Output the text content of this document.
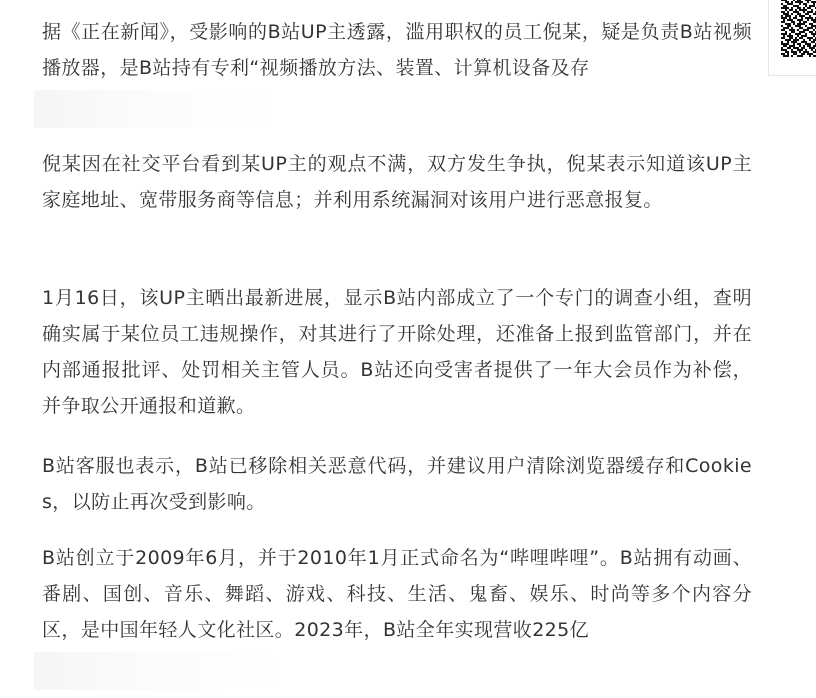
据《正在新闻》，受影响的B站UP主透露，滥用职权的员工倪某，疑是负责B站视频播放器，是B站持有专利“视频播放方法、装置、计算机设备及存

倪某因在社交平台看到某UP主的观点不满，双方发生争执，倪某表示知道该UP主家庭地址、宽带服务商等信息；并利用系统漏洞对该用户进行恶意报复。

1月16日，该UP主晒出最新进展，显示B站内部成立了一个专门的调查小组，查明确实属于某位员工违规操作，对其进行了开除处理，还准备上报到监管部门，并在内部通报批评、处罚相关主管人员。B站还向受害者提供了一年大会员作为补偿，并争取公开通报和道歉。

B站客服也表示，B站已移除相关恶意代码，并建议用户清除浏览器缓存和Cookies，以防止再次受到影响。

B站创立于2009年6月，并于2010年1月正式命名为“哔哩哔哩”。B站拥有动画、番剧、国创、音乐、舞蹈、游戏、科技、生活、鬼畜、娱乐、时尚等多个内容分区，是中国年轻人文化社区。2023年，B站全年实现营收225亿
